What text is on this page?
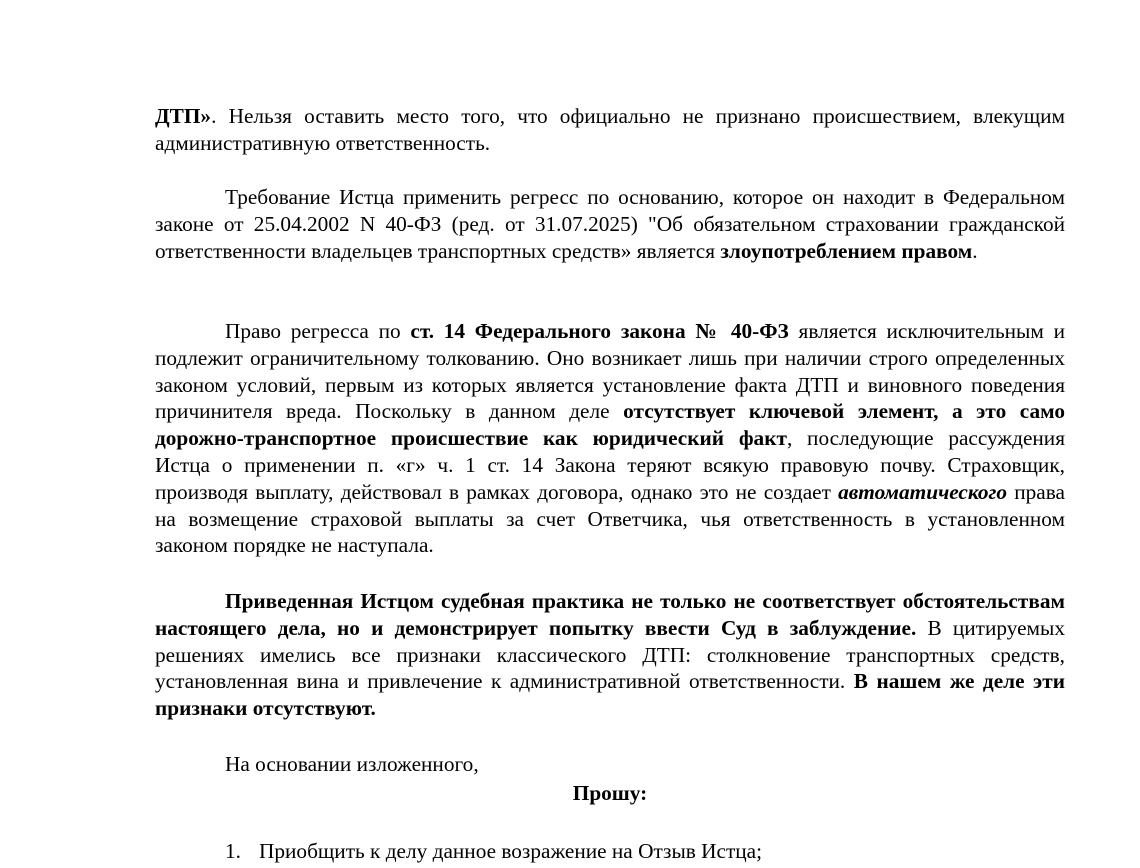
ДТП». Нельзя оставить место того, что официально не признано происшествием, влекущим административную ответственность.

Требование Истца применить регресс по основанию, которое он находит в Федеральном законе от 25.04.2002 N 40-ФЗ (ред. от 31.07.2025) "Об обязательном страховании гражданской ответственности владельцев транспортных средств» является злоупотреблением правом.

Право регресса по ст. 14 Федерального закона № 40-ФЗ является исключительным и подлежит ограничительному толкованию. Оно возникает лишь при наличии строго определенных законом условий, первым из которых является установление факта ДТП и виновного поведения причинителя вреда. Поскольку в данном деле отсутствует ключевой элемент, а это само дорожно-транспортное происшествие как юридический факт, последующие рассуждения Истца о применении п. «г» ч. 1 ст. 14 Закона теряют всякую правовую почву. Страховщик, производя выплату, действовал в рамках договора, однако это не создает автоматического права на возмещение страховой выплаты за счет Ответчика, чья ответственность в установленном законом порядке не наступала.

Приведенная Истцом судебная практика не только не соответствует обстоятельствам настоящего дела, но и демонстрирует попытку ввести Суд в заблуждение. В цитируемых решениях имелись все признаки классического ДТП: столкновение транспортных средств, установленная вина и привлечение к административной ответственности. В нашем же деле эти признаки отсутствуют.

На основании изложенного,

Прошу:

1. Приобщить к делу данное возражение на Отзыв Истца;
